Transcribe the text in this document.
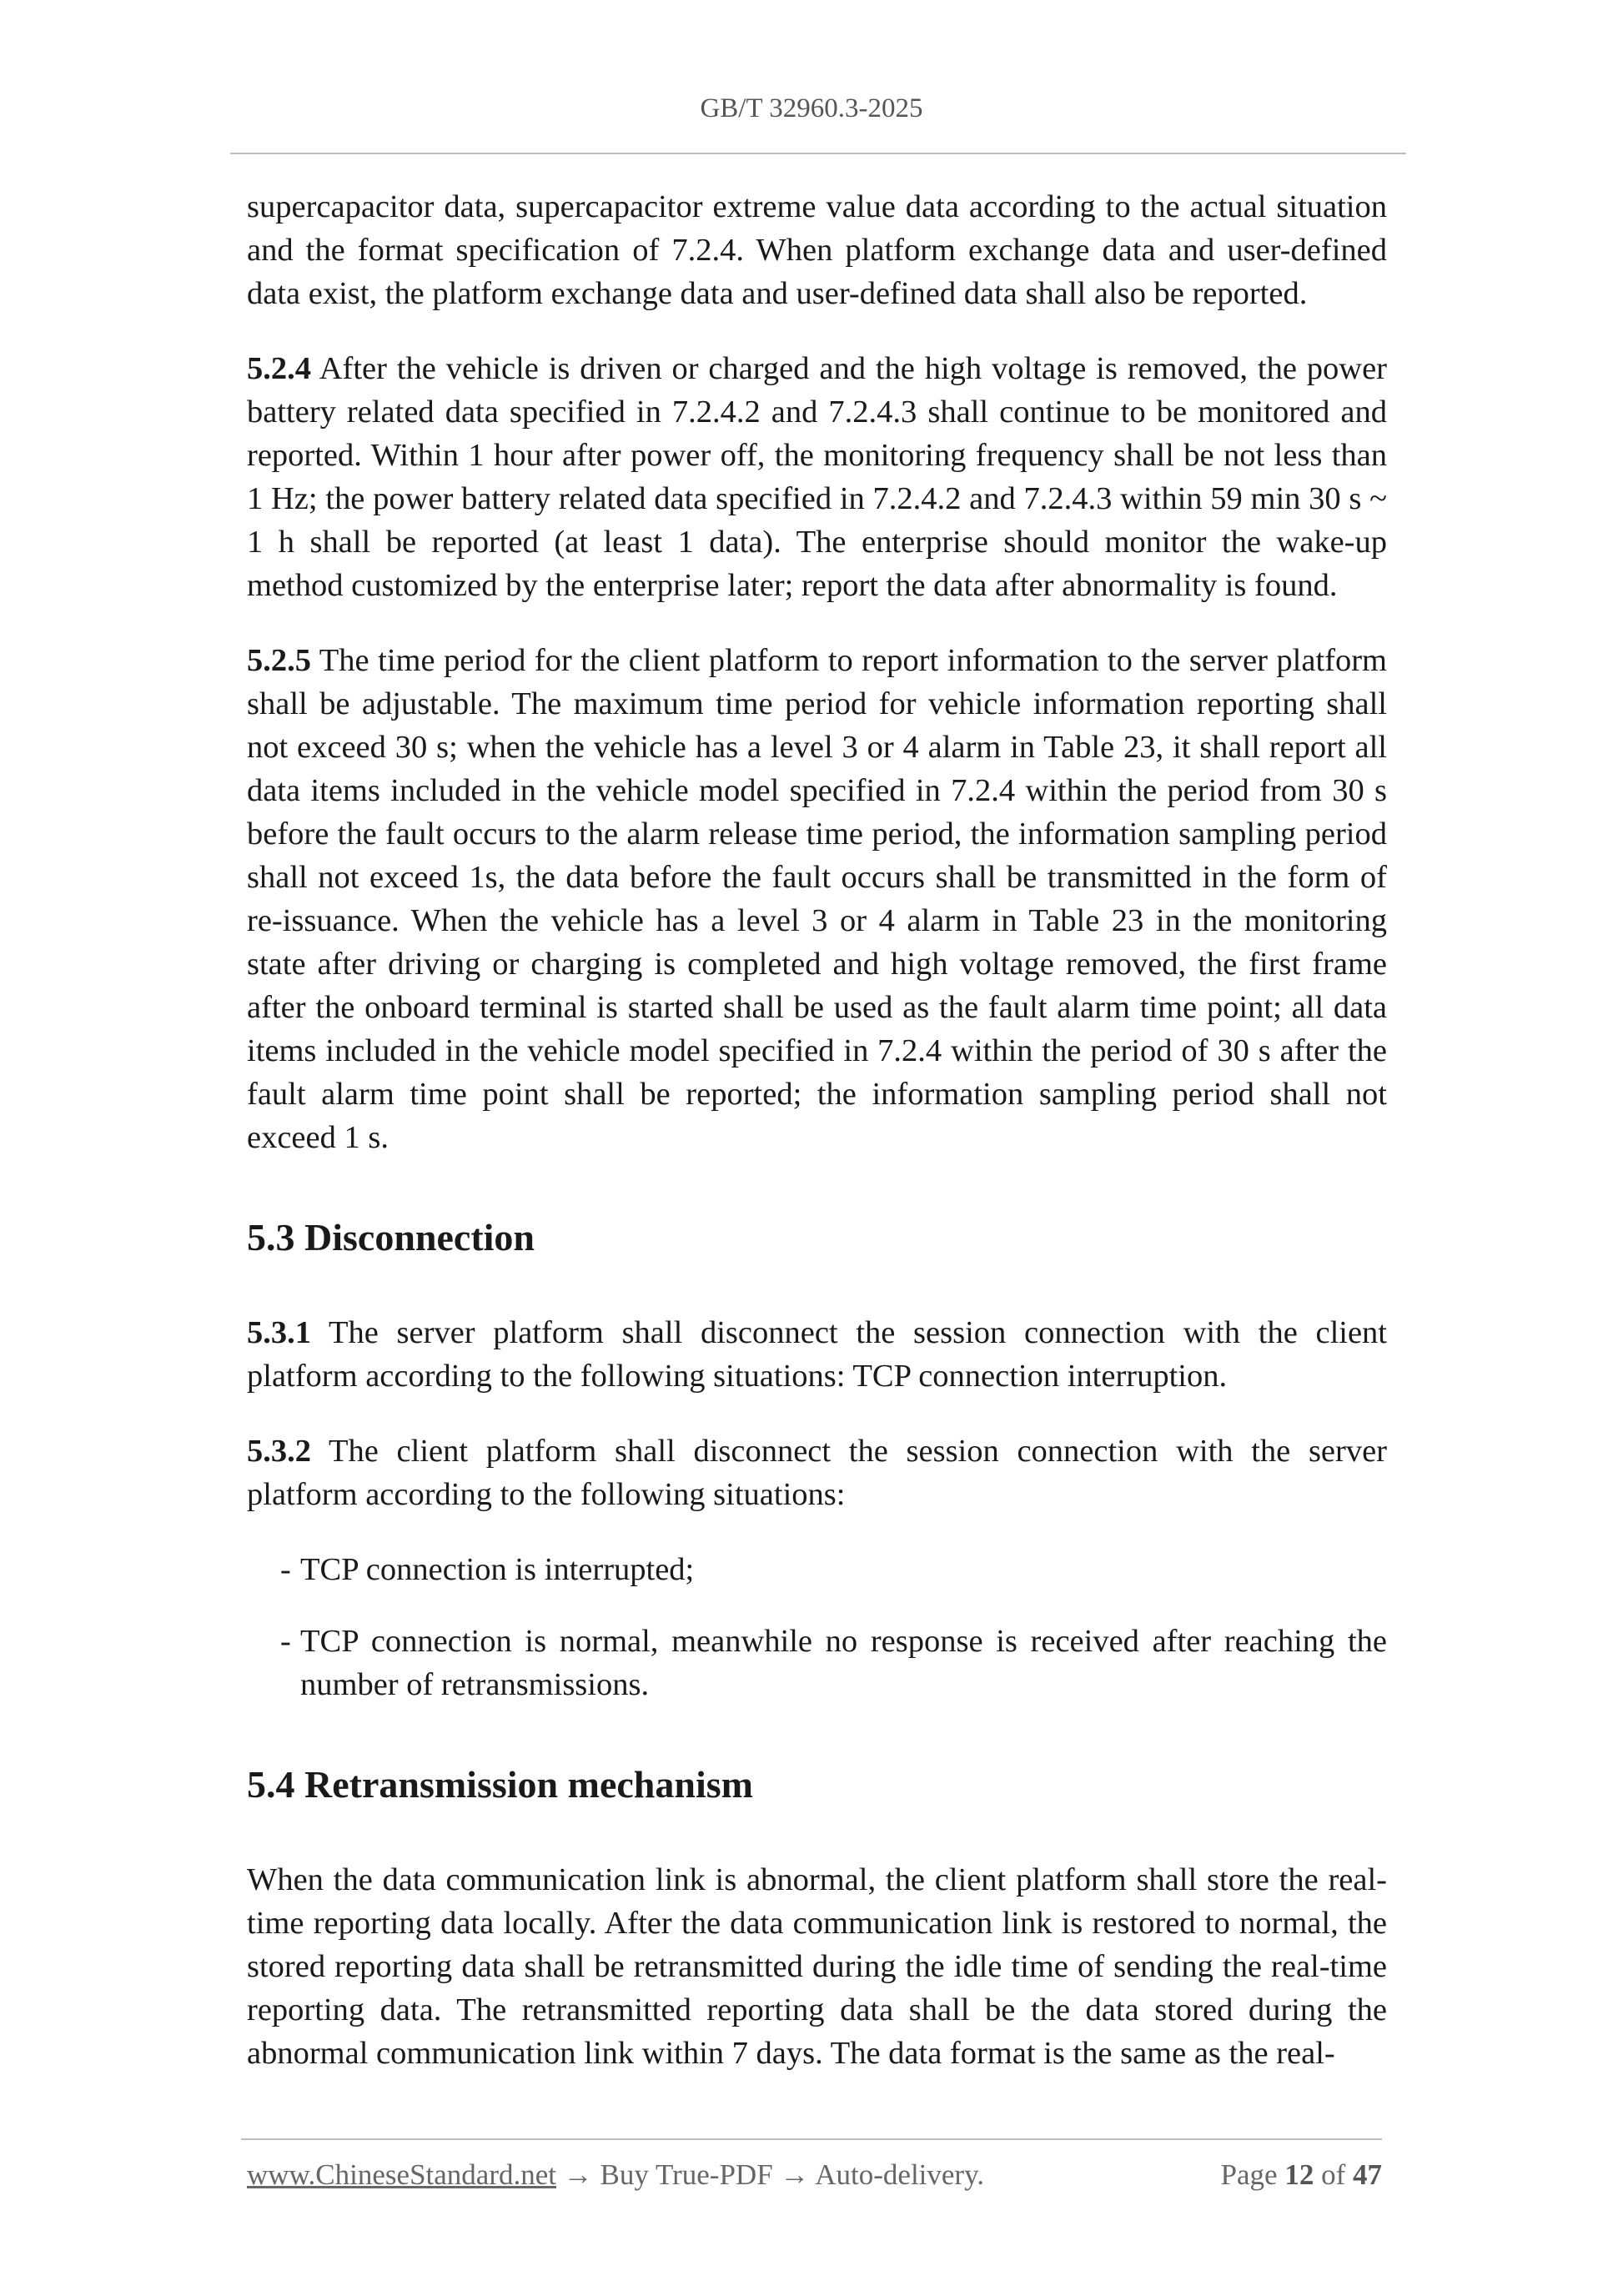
GB/T 32960.3-2025

supercapacitor data, supercapacitor extreme value data according to the actual situation and the format specification of 7.2.4. When platform exchange data and user-defined data exist, the platform exchange data and user-defined data shall also be reported.

5.2.4 After the vehicle is driven or charged and the high voltage is removed, the power battery related data specified in 7.2.4.2 and 7.2.4.3 shall continue to be monitored and reported. Within 1 hour after power off, the monitoring frequency shall be not less than 1 Hz; the power battery related data specified in 7.2.4.2 and 7.2.4.3 within 59 min 30 s ~ 1 h shall be reported (at least 1 data). The enterprise should monitor the wake-up method customized by the enterprise later; report the data after abnormality is found.

5.2.5 The time period for the client platform to report information to the server platform shall be adjustable. The maximum time period for vehicle information reporting shall not exceed 30 s; when the vehicle has a level 3 or 4 alarm in Table 23, it shall report all data items included in the vehicle model specified in 7.2.4 within the period from 30 s before the fault occurs to the alarm release time period, the information sampling period shall not exceed 1s, the data before the fault occurs shall be transmitted in the form of re-issuance. When the vehicle has a level 3 or 4 alarm in Table 23 in the monitoring state after driving or charging is completed and high voltage removed, the first frame after the onboard terminal is started shall be used as the fault alarm time point; all data items included in the vehicle model specified in 7.2.4 within the period of 30 s after the fault alarm time point shall be reported; the information sampling period shall not exceed 1 s.

5.3 Disconnection

5.3.1 The server platform shall disconnect the session connection with the client platform according to the following situations: TCP connection interruption.

5.3.2 The client platform shall disconnect the session connection with the server platform according to the following situations:

- TCP connection is interrupted;
- TCP connection is normal, meanwhile no response is received after reaching the number of retransmissions.
5.4 Retransmission mechanism

When the data communication link is abnormal, the client platform shall store the real-time reporting data locally. After the data communication link is restored to normal, the stored reporting data shall be retransmitted during the idle time of sending the real-time reporting data. The retransmitted reporting data shall be the data stored during the abnormal communication link within 7 days. The data format is the same as the real-

www.ChineseStandard.net → Buy True-PDF → Auto-delivery.	Page 12 of 47
